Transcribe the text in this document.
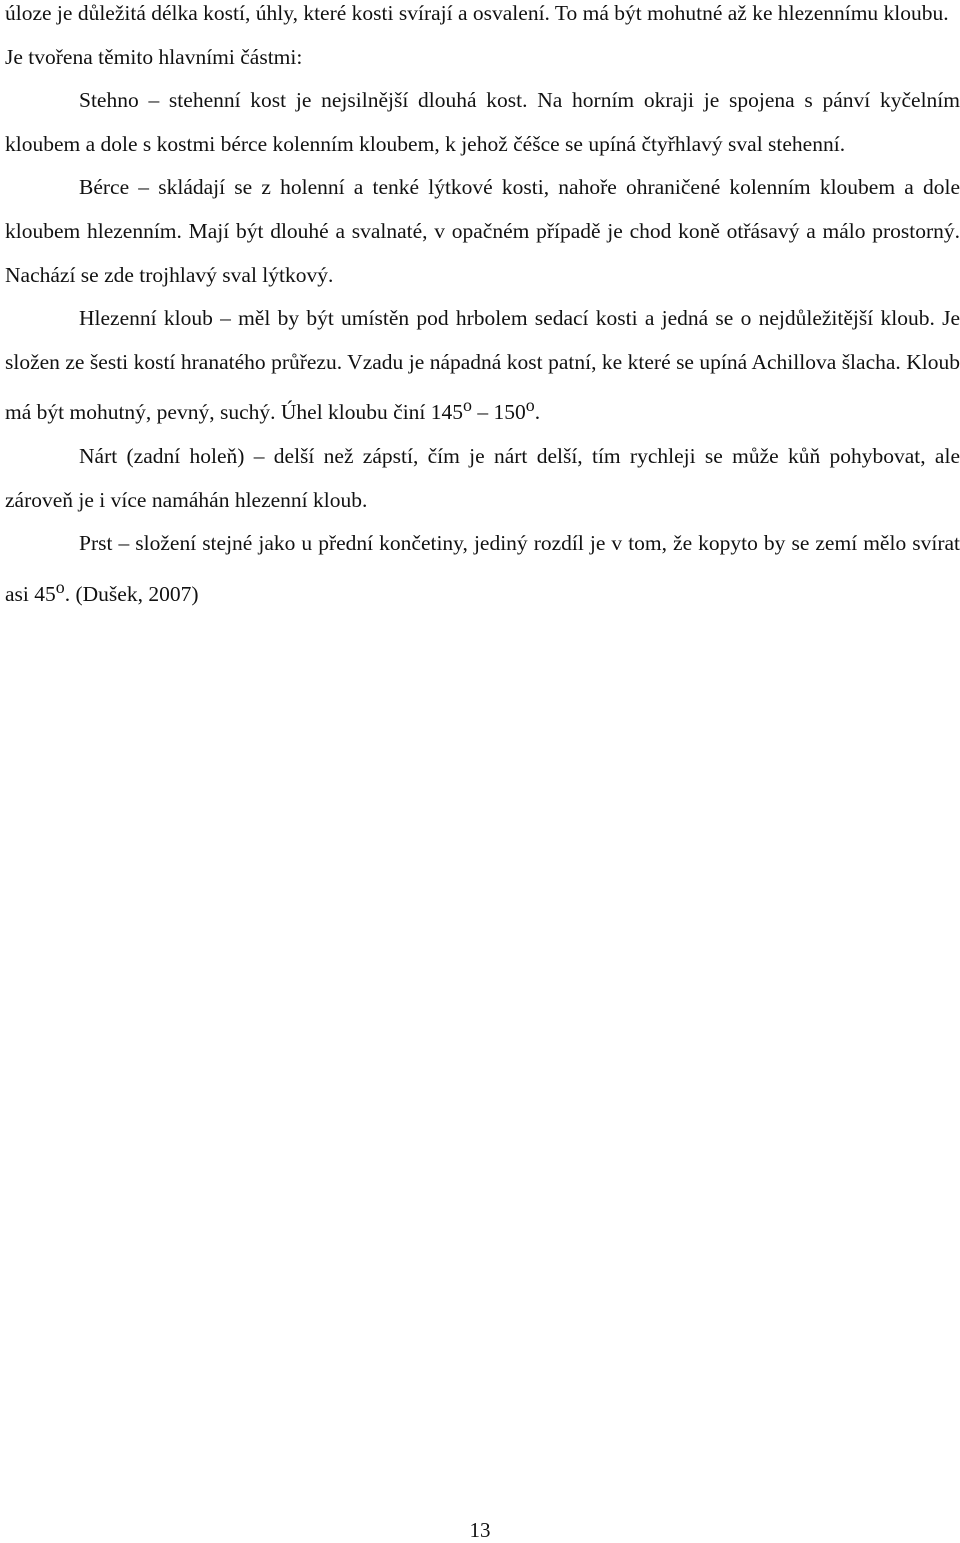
úloze je důležitá délka kostí, úhly, které kosti svírají a osvalení. To má být mohutné až ke hlezennímu kloubu.

Je tvořena těmito hlavními částmi:

Stehno – stehenní kost je nejsilnější dlouhá kost. Na horním okraji je spojena s pánví kyčelním kloubem a dole s kostmi bérce kolenním kloubem, k jehož čéšce se upíná čtyřhlavý sval stehenní.

Bérce – skládají se z holenní a tenké lýtkové kosti, nahoře ohraničené kolenním kloubem a dole kloubem hlezenním. Mají být dlouhé a svalnaté, v opačném případě je chod koně otřásavý a málo prostorný. Nachází se zde trojhlavý sval lýtkový.

Hlezenní kloub – měl by být umístěn pod hrbolem sedací kosti a jedná se o nejdůležitější kloub. Je složen ze šesti kostí hranatého průřezu. Vzadu je nápadná kost patní, ke které se upíná Achillova šlacha. Kloub má být mohutný, pevný, suchý. Úhel kloubu činí 145$^o$ – 150$^o$.

Nárt (zadní holeň) – delší než zápstí, čím je nárt delší, tím rychleji se může kůň pohybovat, ale zároveň je i více namáhán hlezenní kloub.

Prst – složení stejné jako u přední končetiny, jediný rozdíl je v tom, že kopyto by se zemí mělo svírat asi 45$^o$. (Dušek, 2007)

13
